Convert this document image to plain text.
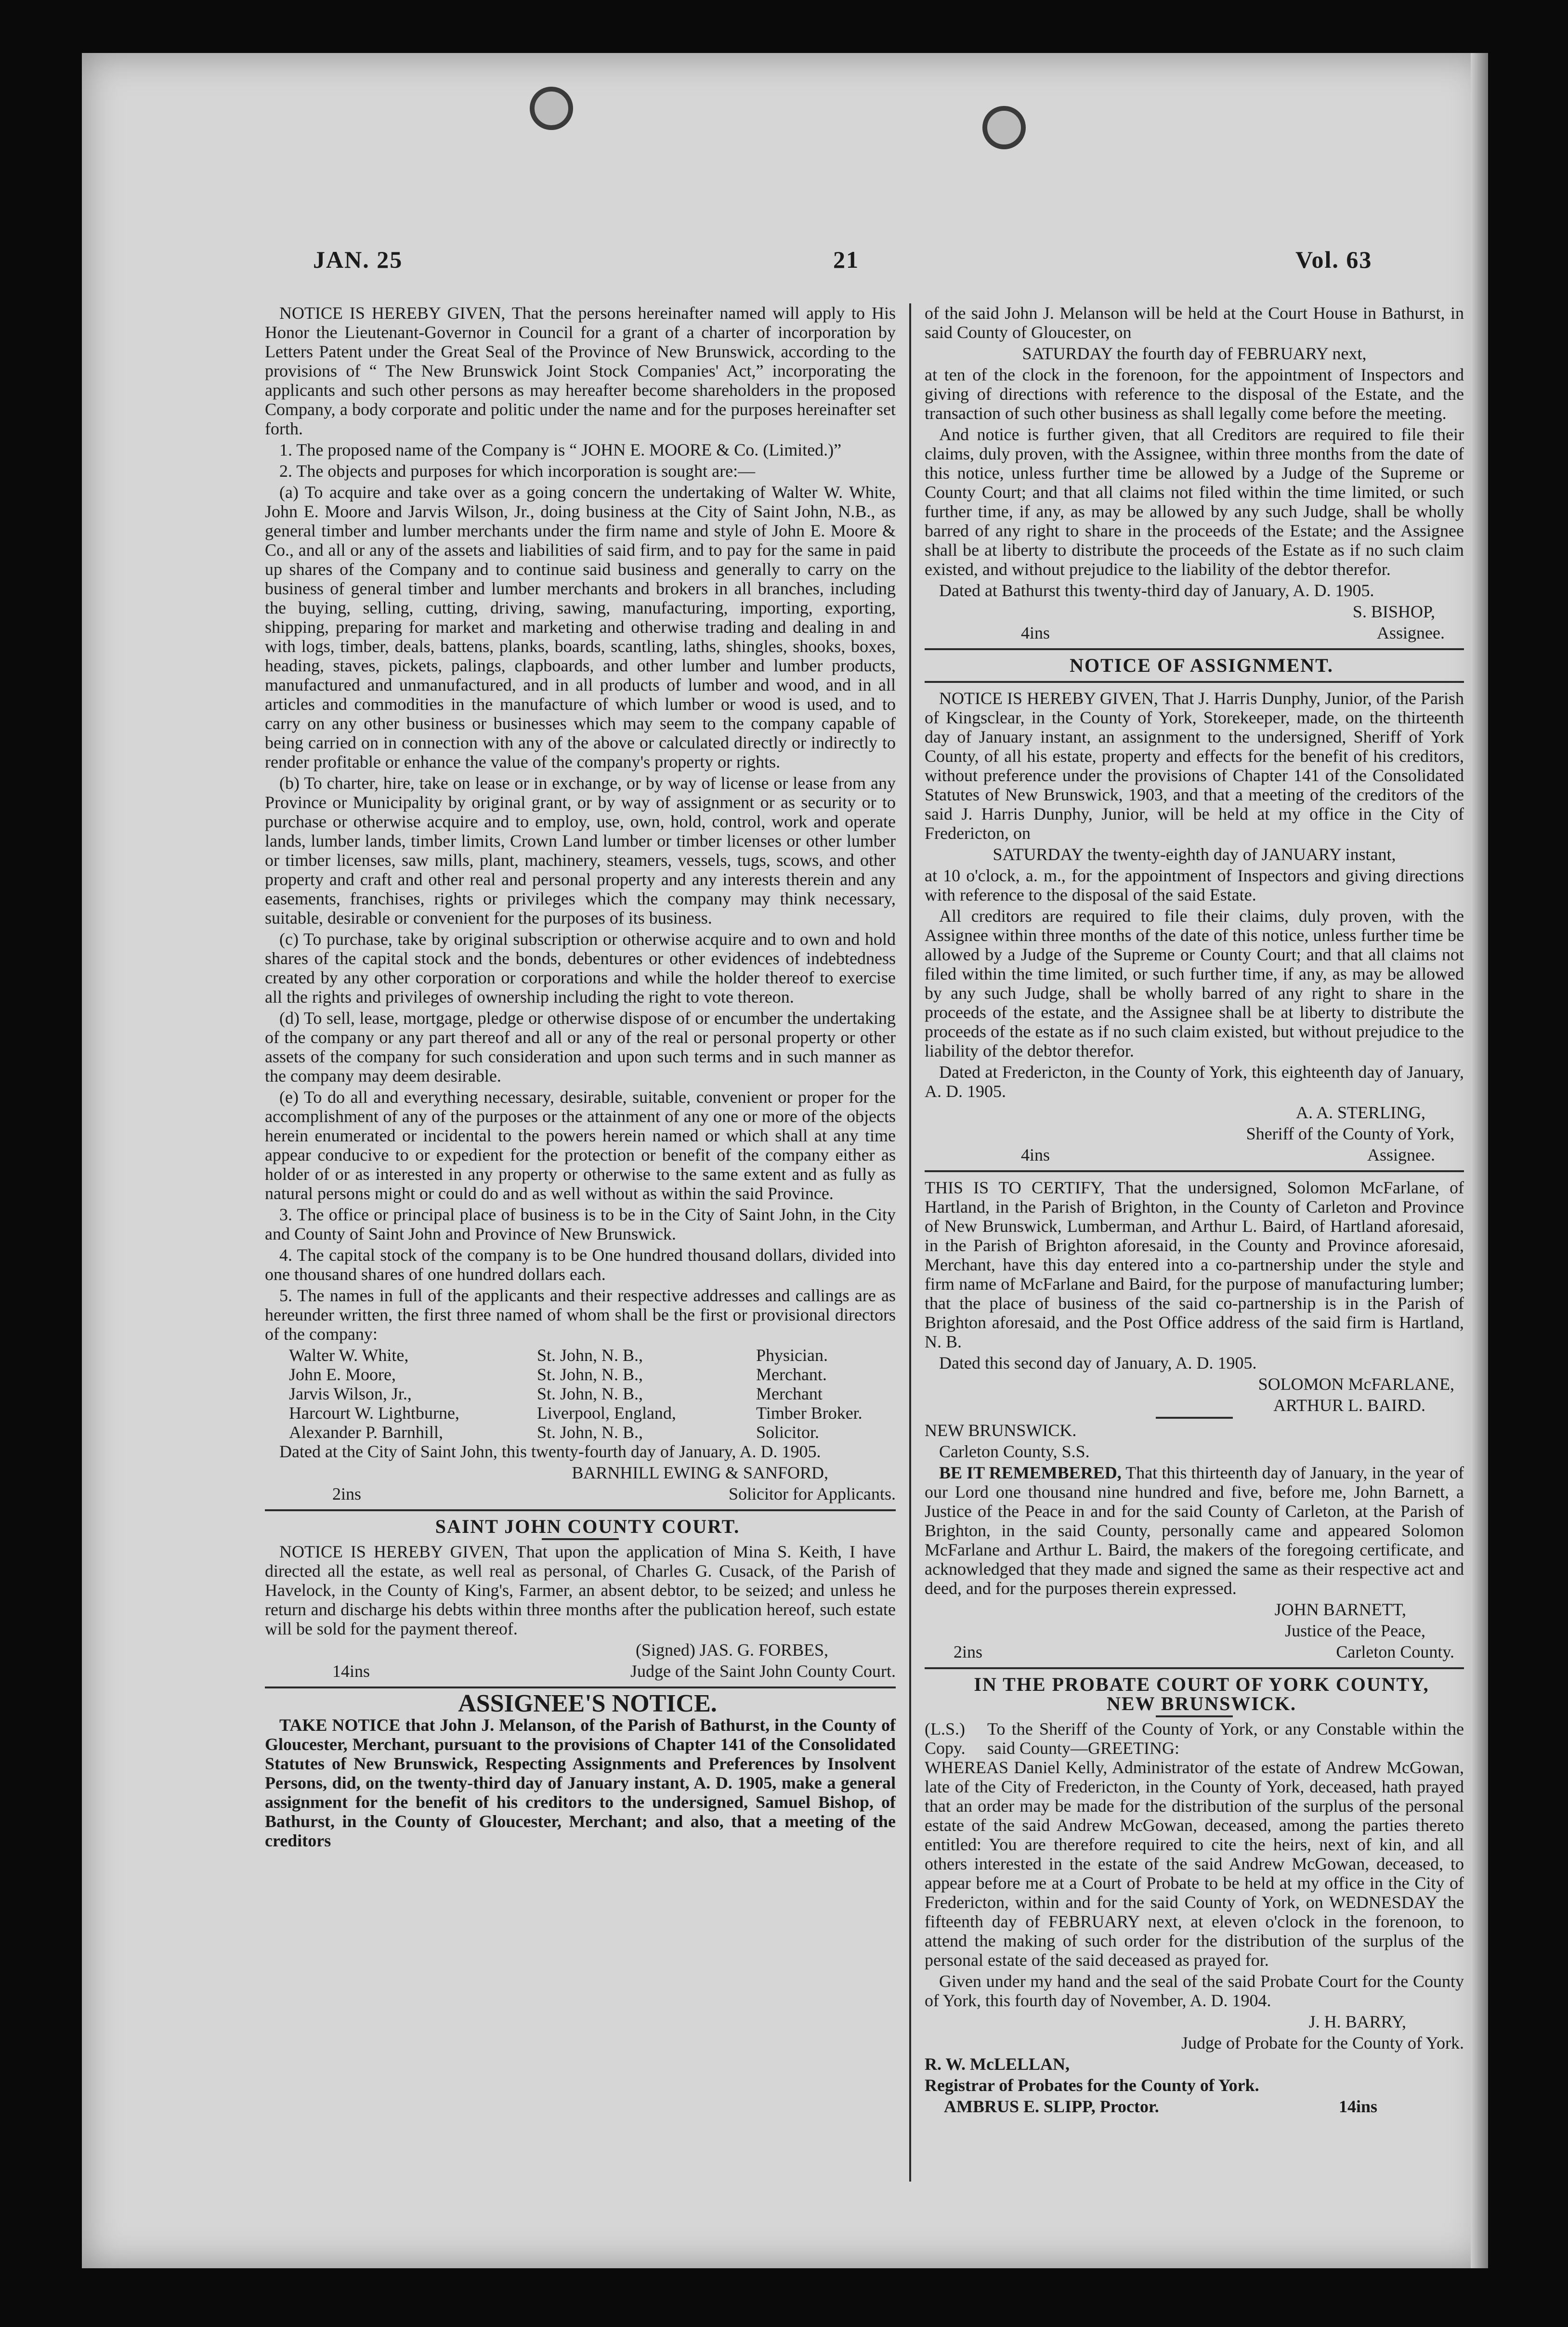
JAN. 25	21	Vol. 63

NOTICE IS HEREBY GIVEN, That the persons hereinafter named will apply to His Honor the Lieutenant-Governor in Council for a grant of a charter of incorporation by Letters Patent under the Great Seal of the Province of New Brunswick, according to the provisions of “ The New Brunswick Joint Stock Companies' Act,” incorporating the applicants and such other persons as may hereafter become shareholders in the proposed Company, a body corporate and politic under the name and for the purposes hereinafter set forth.

1. The proposed name of the Company is “ JOHN E. MOORE & Co. (Limited.)”

2. The objects and purposes for which incorporation is sought are:—

(a) To acquire and take over as a going concern the undertaking of Walter W. White, John E. Moore and Jarvis Wilson, Jr., doing business at the City of Saint John, N.B., as general timber and lumber merchants under the firm name and style of John E. Moore & Co., and all or any of the assets and liabilities of said firm, and to pay for the same in paid up shares of the Company and to continue said business and generally to carry on the business of general timber and lumber merchants and brokers in all branches, including the buying, selling, cutting, driving, sawing, manufacturing, importing, exporting, shipping, preparing for market and marketing and otherwise trading and dealing in and with logs, timber, deals, battens, planks, boards, scantling, laths, shingles, shooks, boxes, heading, staves, pickets, palings, clapboards, and other lumber and lumber products, manufactured and unmanufactured, and in all products of lumber and wood, and in all articles and commodities in the manufacture of which lumber or wood is used, and to carry on any other business or businesses which may seem to the company capable of being carried on in connection with any of the above or calculated directly or indirectly to render profitable or enhance the value of the company's property or rights.

(b) To charter, hire, take on lease or in exchange, or by way of license or lease from any Province or Municipality by original grant, or by way of assignment or as security or to purchase or otherwise acquire and to employ, use, own, hold, control, work and operate lands, lumber lands, timber limits, Crown Land lumber or timber licenses or other lumber or timber licenses, saw mills, plant, machinery, steamers, vessels, tugs, scows, and other property and craft and other real and personal property and any interests therein and any easements, franchises, rights or privileges which the company may think necessary, suitable, desirable or convenient for the purposes of its business.

(c) To purchase, take by original subscription or otherwise acquire and to own and hold shares of the capital stock and the bonds, debentures or other evidences of indebtedness created by any other corporation or corporations and while the holder thereof to exercise all the rights and privileges of ownership including the right to vote thereon.

(d) To sell, lease, mortgage, pledge or otherwise dispose of or encumber the undertaking of the company or any part thereof and all or any of the real or personal property or other assets of the company for such consideration and upon such terms and in such manner as the company may deem desirable.

(e) To do all and everything necessary, desirable, suitable, convenient or proper for the accomplishment of any of the purposes or the attainment of any one or more of the objects herein enumerated or incidental to the powers herein named or which shall at any time appear conducive to or expedient for the protection or benefit of the company either as holder of or as interested in any property or otherwise to the same extent and as fully as natural persons might or could do and as well without as within the said Province.

3. The office or principal place of business is to be in the City of Saint John, in the City and County of Saint John and Province of New Brunswick.

4. The capital stock of the company is to be One hundred thousand dollars, divided into one thousand shares of one hundred dollars each.

5. The names in full of the applicants and their respective addresses and callings are as hereunder written, the first three named of whom shall be the first or provisional directors of the company:

Walter W. White,	St. John, N. B.,	Physician.
John E. Moore,	St. John, N. B.,	Merchant.
Jarvis Wilson, Jr.,	St. John, N. B.,	Merchant
Harcourt W. Lightburne,	Liverpool, England,	Timber Broker.
Alexander P. Barnhill,	St. John, N. B.,	Solicitor.

Dated at the City of Saint John, this twenty-fourth day of January, A. D. 1905.

BARNHILL EWING & SANFORD,

2ins	Solicitor for Applicants.

SAINT JOHN COUNTY COURT.

NOTICE IS HEREBY GIVEN, That upon the application of Mina S. Keith, I have directed all the estate, as well real as personal, of Charles G. Cusack, of the Parish of Havelock, in the County of King's, Farmer, an absent debtor, to be seized; and unless he return and discharge his debts within three months after the publication hereof, such estate will be sold for the payment thereof.

(Signed) JAS. G. FORBES,

14ins	Judge of the Saint John County Court.

ASSIGNEE'S NOTICE.

TAKE NOTICE that John J. Melanson, of the Parish of Bathurst, in the County of Gloucester, Merchant, pursuant to the provisions of Chapter 141 of the Consolidated Statutes of New Brunswick, Respecting Assignments and Preferences by Insolvent Persons, did, on the twenty-third day of January instant, A. D. 1905, make a general assignment for the benefit of his creditors to the undersigned, Samuel Bishop, of Bathurst, in the County of Gloucester, Merchant; and also, that a meeting of the creditors

of the said John J. Melanson will be held at the Court House in Bathurst, in said County of Gloucester, on

SATURDAY the fourth day of FEBRUARY next,

at ten of the clock in the forenoon, for the appointment of Inspectors and giving of directions with reference to the disposal of the Estate, and the transaction of such other business as shall legally come before the meeting.

And notice is further given, that all Creditors are required to file their claims, duly proven, with the Assignee, within three months from the date of this notice, unless further time be allowed by a Judge of the Supreme or County Court; and that all claims not filed within the time limited, or such further time, if any, as may be allowed by any such Judge, shall be wholly barred of any right to share in the proceeds of the Estate; and the Assignee shall be at liberty to distribute the proceeds of the Estate as if no such claim existed, and without prejudice to the liability of the debtor therefor.

Dated at Bathurst this twenty-third day of January, A. D. 1905.

S. BISHOP,

4ins	Assignee.

NOTICE OF ASSIGNMENT.

NOTICE IS HEREBY GIVEN, That J. Harris Dunphy, Junior, of the Parish of Kingsclear, in the County of York, Storekeeper, made, on the thirteenth day of January instant, an assignment to the undersigned, Sheriff of York County, of all his estate, property and effects for the benefit of his creditors, without preference under the provisions of Chapter 141 of the Consolidated Statutes of New Brunswick, 1903, and that a meeting of the creditors of the said J. Harris Dunphy, Junior, will be held at my office in the City of Fredericton, on

SATURDAY the twenty-eighth day of JANUARY instant,

at 10 o'clock, a. m., for the appointment of Inspectors and giving directions with reference to the disposal of the said Estate.

All creditors are required to file their claims, duly proven, with the Assignee within three months of the date of this notice, unless further time be allowed by a Judge of the Supreme or County Court; and that all claims not filed within the time limited, or such further time, if any, as may be allowed by any such Judge, shall be wholly barred of any right to share in the proceeds of the estate, and the Assignee shall be at liberty to distribute the proceeds of the estate as if no such claim existed, but without prejudice to the liability of the debtor therefor.

Dated at Fredericton, in the County of York, this eighteenth day of January, A. D. 1905.

A. A. STERLING,

Sheriff of the County of York,

4ins	Assignee.

THIS IS TO CERTIFY, That the undersigned, Solomon McFarlane, of Hartland, in the Parish of Brighton, in the County of Carleton and Province of New Brunswick, Lumberman, and Arthur L. Baird, of Hartland aforesaid, in the Parish of Brighton aforesaid, in the County and Province aforesaid, Merchant, have this day entered into a co-partnership under the style and firm name of McFarlane and Baird, for the purpose of manufacturing lumber; that the place of business of the said co-partnership is in the Parish of Brighton aforesaid, and the Post Office address of the said firm is Hartland, N. B.

Dated this second day of January, A. D. 1905.

SOLOMON McFARLANE,

ARTHUR L. BAIRD.

NEW BRUNSWICK.

Carleton County, S.S.

BE IT REMEMBERED, That this thirteenth day of January, in the year of our Lord one thousand nine hundred and five, before me, John Barnett, a Justice of the Peace in and for the said County of Carleton, at the Parish of Brighton, in the said County, personally came and appeared Solomon McFarlane and Arthur L. Baird, the makers of the foregoing certificate, and acknowledged that they made and signed the same as their respective act and deed, and for the purposes therein expressed.

JOHN BARNETT,

Justice of the Peace,

2ins	Carleton County.

IN THE PROBATE COURT OF YORK COUNTY,

NEW BRUNSWICK.

(L.S.)
Copy.
To the Sheriff of the County of York, or any Constable within the said County—GREETING:

WHEREAS Daniel Kelly, Administrator of the estate of Andrew McGowan, late of the City of Fredericton, in the County of York, deceased, hath prayed that an order may be made for the distribution of the surplus of the personal estate of the said Andrew McGowan, deceased, among the parties thereto entitled: You are therefore required to cite the heirs, next of kin, and all others interested in the estate of the said Andrew McGowan, deceased, to appear before me at a Court of Probate to be held at my office in the City of Fredericton, within and for the said County of York, on WEDNESDAY the fifteenth day of FEBRUARY next, at eleven o'clock in the forenoon, to attend the making of such order for the distribution of the surplus of the personal estate of the said deceased as prayed for.

Given under my hand and the seal of the said Probate Court for the County of York, this fourth day of November, A. D. 1904.

J. H. BARRY,

Judge of Probate for the County of York.

R. W. McLELLAN,

Registrar of Probates for the County of York.

AMBRUS E. SLIPP, Proctor.	14ins
